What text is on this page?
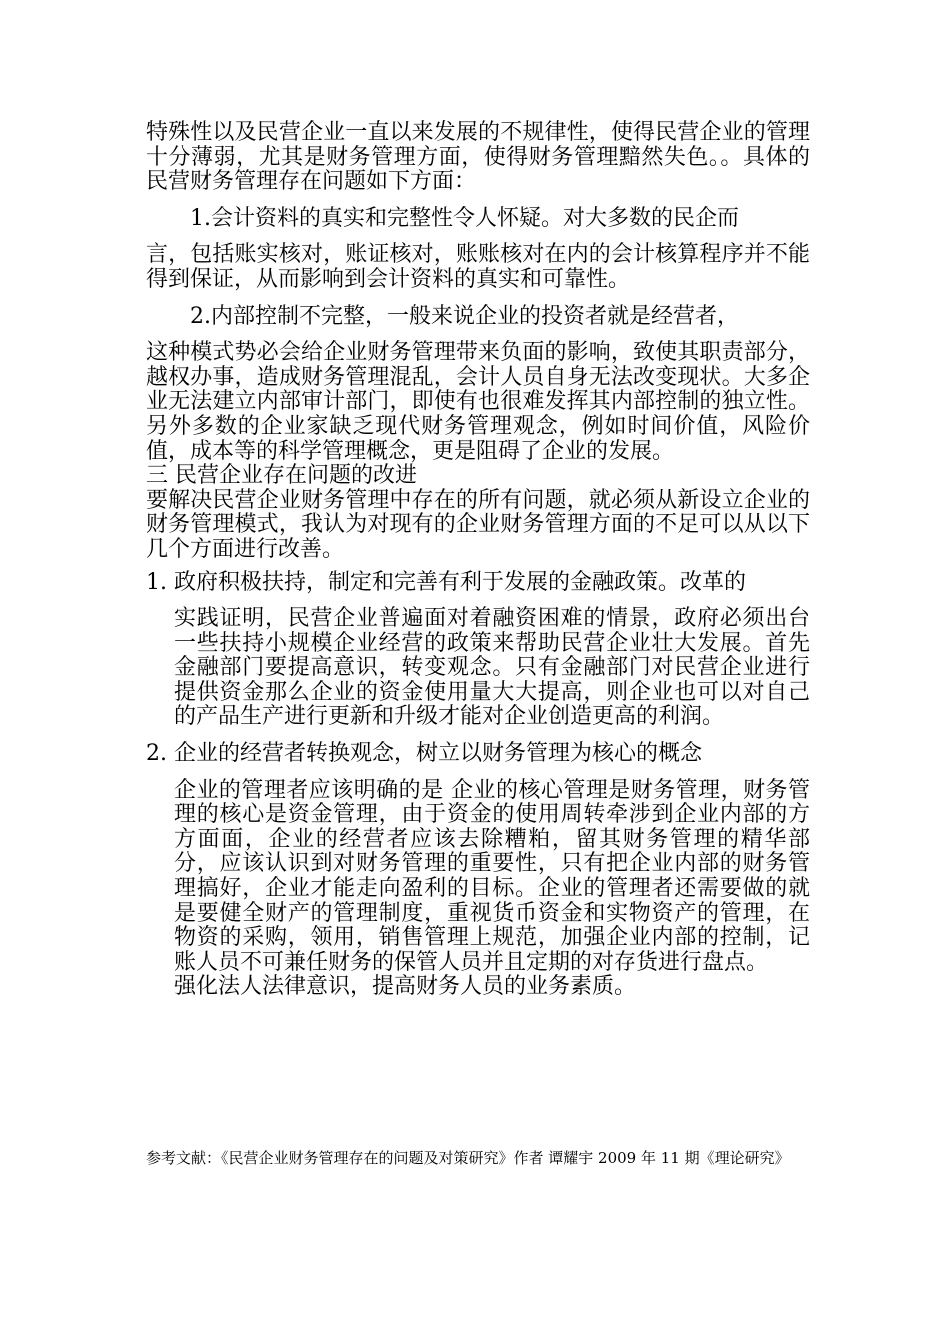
特殊性以及民营企业一直以来发展的不规律性，使得民营企业的管理十分薄弱，尤其是财务管理方面，使得财务管理黯然失色。。具体的民营财务管理存在问题如下方面：

1.会计资料的真实和完整性令人怀疑。对大多数的民企而

言，包括账实核对，账证核对，账账核对在内的会计核算程序并不能得到保证，从而影响到会计资料的真实和可靠性。

2.内部控制不完整，一般来说企业的投资者就是经营者，

这种模式势必会给企业财务管理带来负面的影响，致使其职责部分，越权办事，造成财务管理混乱，会计人员自身无法改变现状。大多企业无法建立内部审计部门，即使有也很难发挥其内部控制的独立性。另外多数的企业家缺乏现代财务管理观念，例如时间价值，风险价值，成本等的科学管理概念，更是阻碍了企业的发展。

三 民营企业存在问题的改进

要解决民营企业财务管理中存在的所有问题，就必须从新设立企业的财务管理模式，我认为对现有的企业财务管理方面的不足可以从以下几个方面进行改善。

1. 政府积极扶持，制定和完善有利于发展的金融政策。改革的

实践证明，民营企业普遍面对着融资困难的情景，政府必须出台一些扶持小规模企业经营的政策来帮助民营企业壮大发展。首先金融部门要提高意识，转变观念。只有金融部门对民营企业进行提供资金那么企业的资金使用量大大提高，则企业也可以对自己的产品生产进行更新和升级才能对企业创造更高的利润。

2. 企业的经营者转换观念，树立以财务管理为核心的概念

企业的管理者应该明确的是 企业的核心管理是财务管理，财务管理的核心是资金管理，由于资金的使用周转牵涉到企业内部的方方面面，企业的经营者应该去除糟粕，留其财务管理的精华部分，应该认识到对财务管理的重要性，只有把企业内部的财务管理搞好，企业才能走向盈利的目标。企业的管理者还需要做的就是要健全财产的管理制度，重视货币资金和实物资产的管理，在物资的采购，领用，销售管理上规范，加强企业内部的控制，记账人员不可兼任财务的保管人员并且定期的对存货进行盘点。

强化法人法律意识，提高财务人员的业务素质。

参考文献：《民营企业财务管理存在的问题及对策研究》作者 谭耀宇 2009 年 11 期《理论研究》
